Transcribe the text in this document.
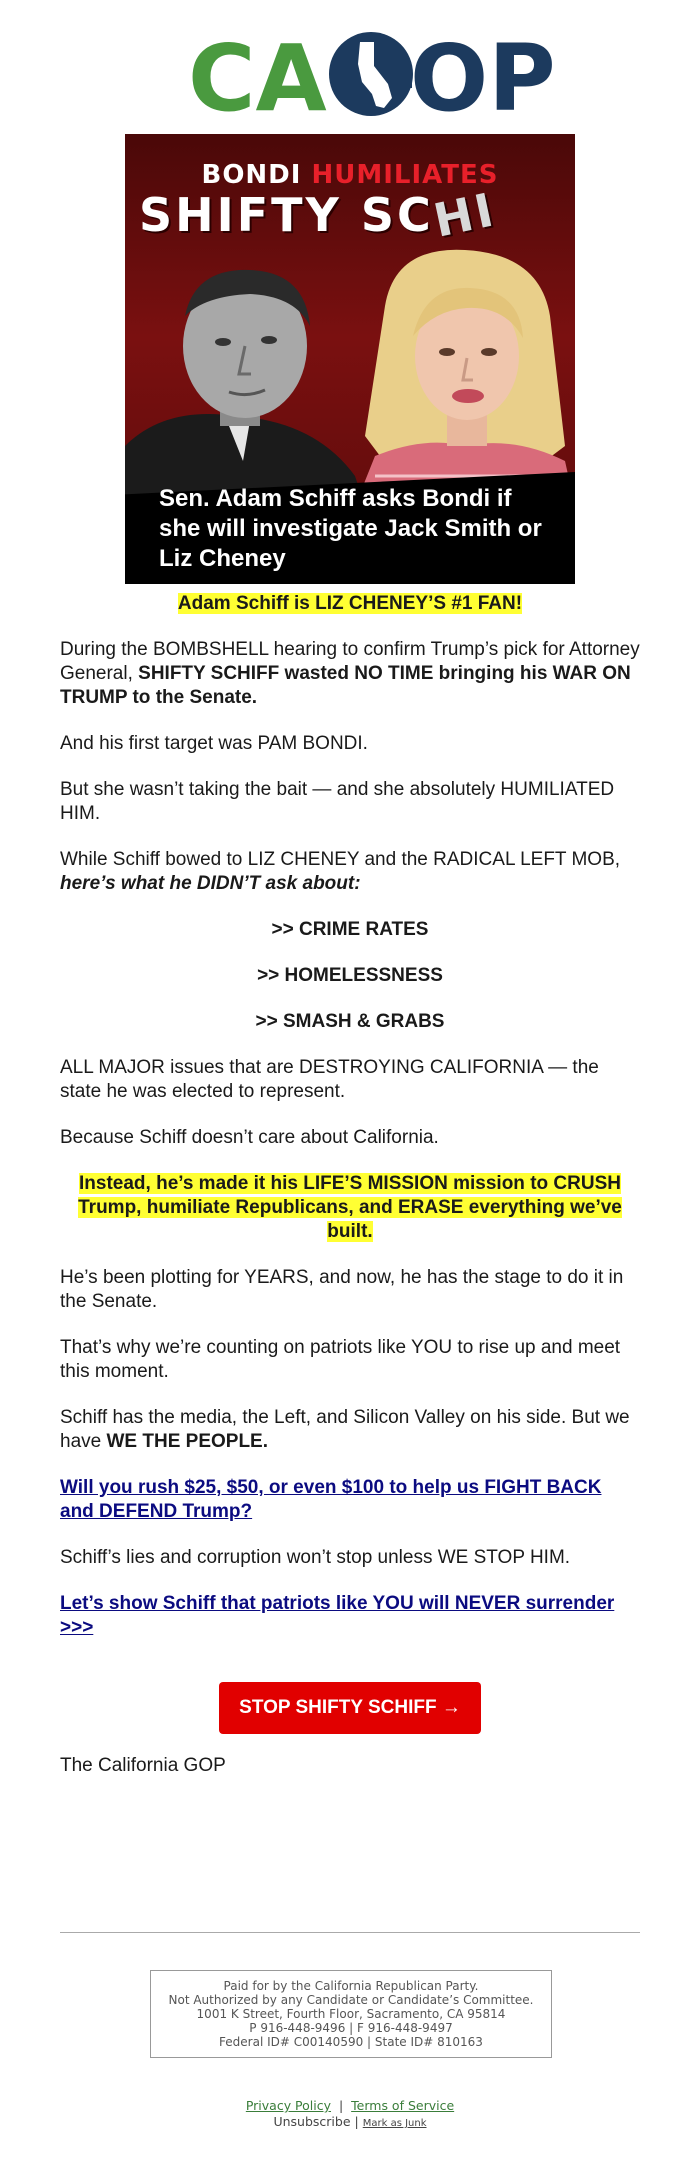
CA OP
BONDI HUMILIATES
SHIFTY SCHI
Sen. Adam Schiff asks Bondi if she will investigate Jack Smith or Liz Cheney

Adam Schiff is LIZ CHENEY’S #1 FAN!

During the BOMBSHELL hearing to confirm Trump’s pick for Attorney General, SHIFTY SCHIFF wasted NO TIME bringing his WAR ON TRUMP to the Senate.

And his first target was PAM BONDI.

But she wasn’t taking the bait — and she absolutely HUMILIATED HIM.

While Schiff bowed to LIZ CHENEY and the RADICAL LEFT MOB, here’s what he DIDN’T ask about:

>> CRIME RATES

>> HOMELESSNESS

>> SMASH & GRABS

ALL MAJOR issues that are DESTROYING CALIFORNIA — the state he was elected to represent.

Because Schiff doesn’t care about California.

Instead, he’s made it his LIFE’S MISSION mission to CRUSH Trump, humiliate Republicans, and ERASE everything we’ve built.

He’s been plotting for YEARS, and now, he has the stage to do it in the Senate.

That’s why we’re counting on patriots like YOU to rise up and meet this moment.

Schiff has the media, the Left, and Silicon Valley on his side. But we have WE THE PEOPLE.

Will you rush $25, $50, or even $100 to help us FIGHT BACK and DEFEND Trump?

Schiff’s lies and corruption won’t stop unless WE STOP HIM.

Let’s show Schiff that patriots like YOU will NEVER surrender >>>

STOP SHIFTY SCHIFF →

The California GOP

Paid for by the California Republican Party.
Not Authorized by any Candidate or Candidate’s Committee.
1001 K Street, Fourth Floor, Sacramento, CA 95814
P 916-448-9496 | F 916-448-9497
Federal ID# C00140590 | State ID# 810163
Privacy Policy | Terms of Service
Unsubscribe | Mark as Junk
